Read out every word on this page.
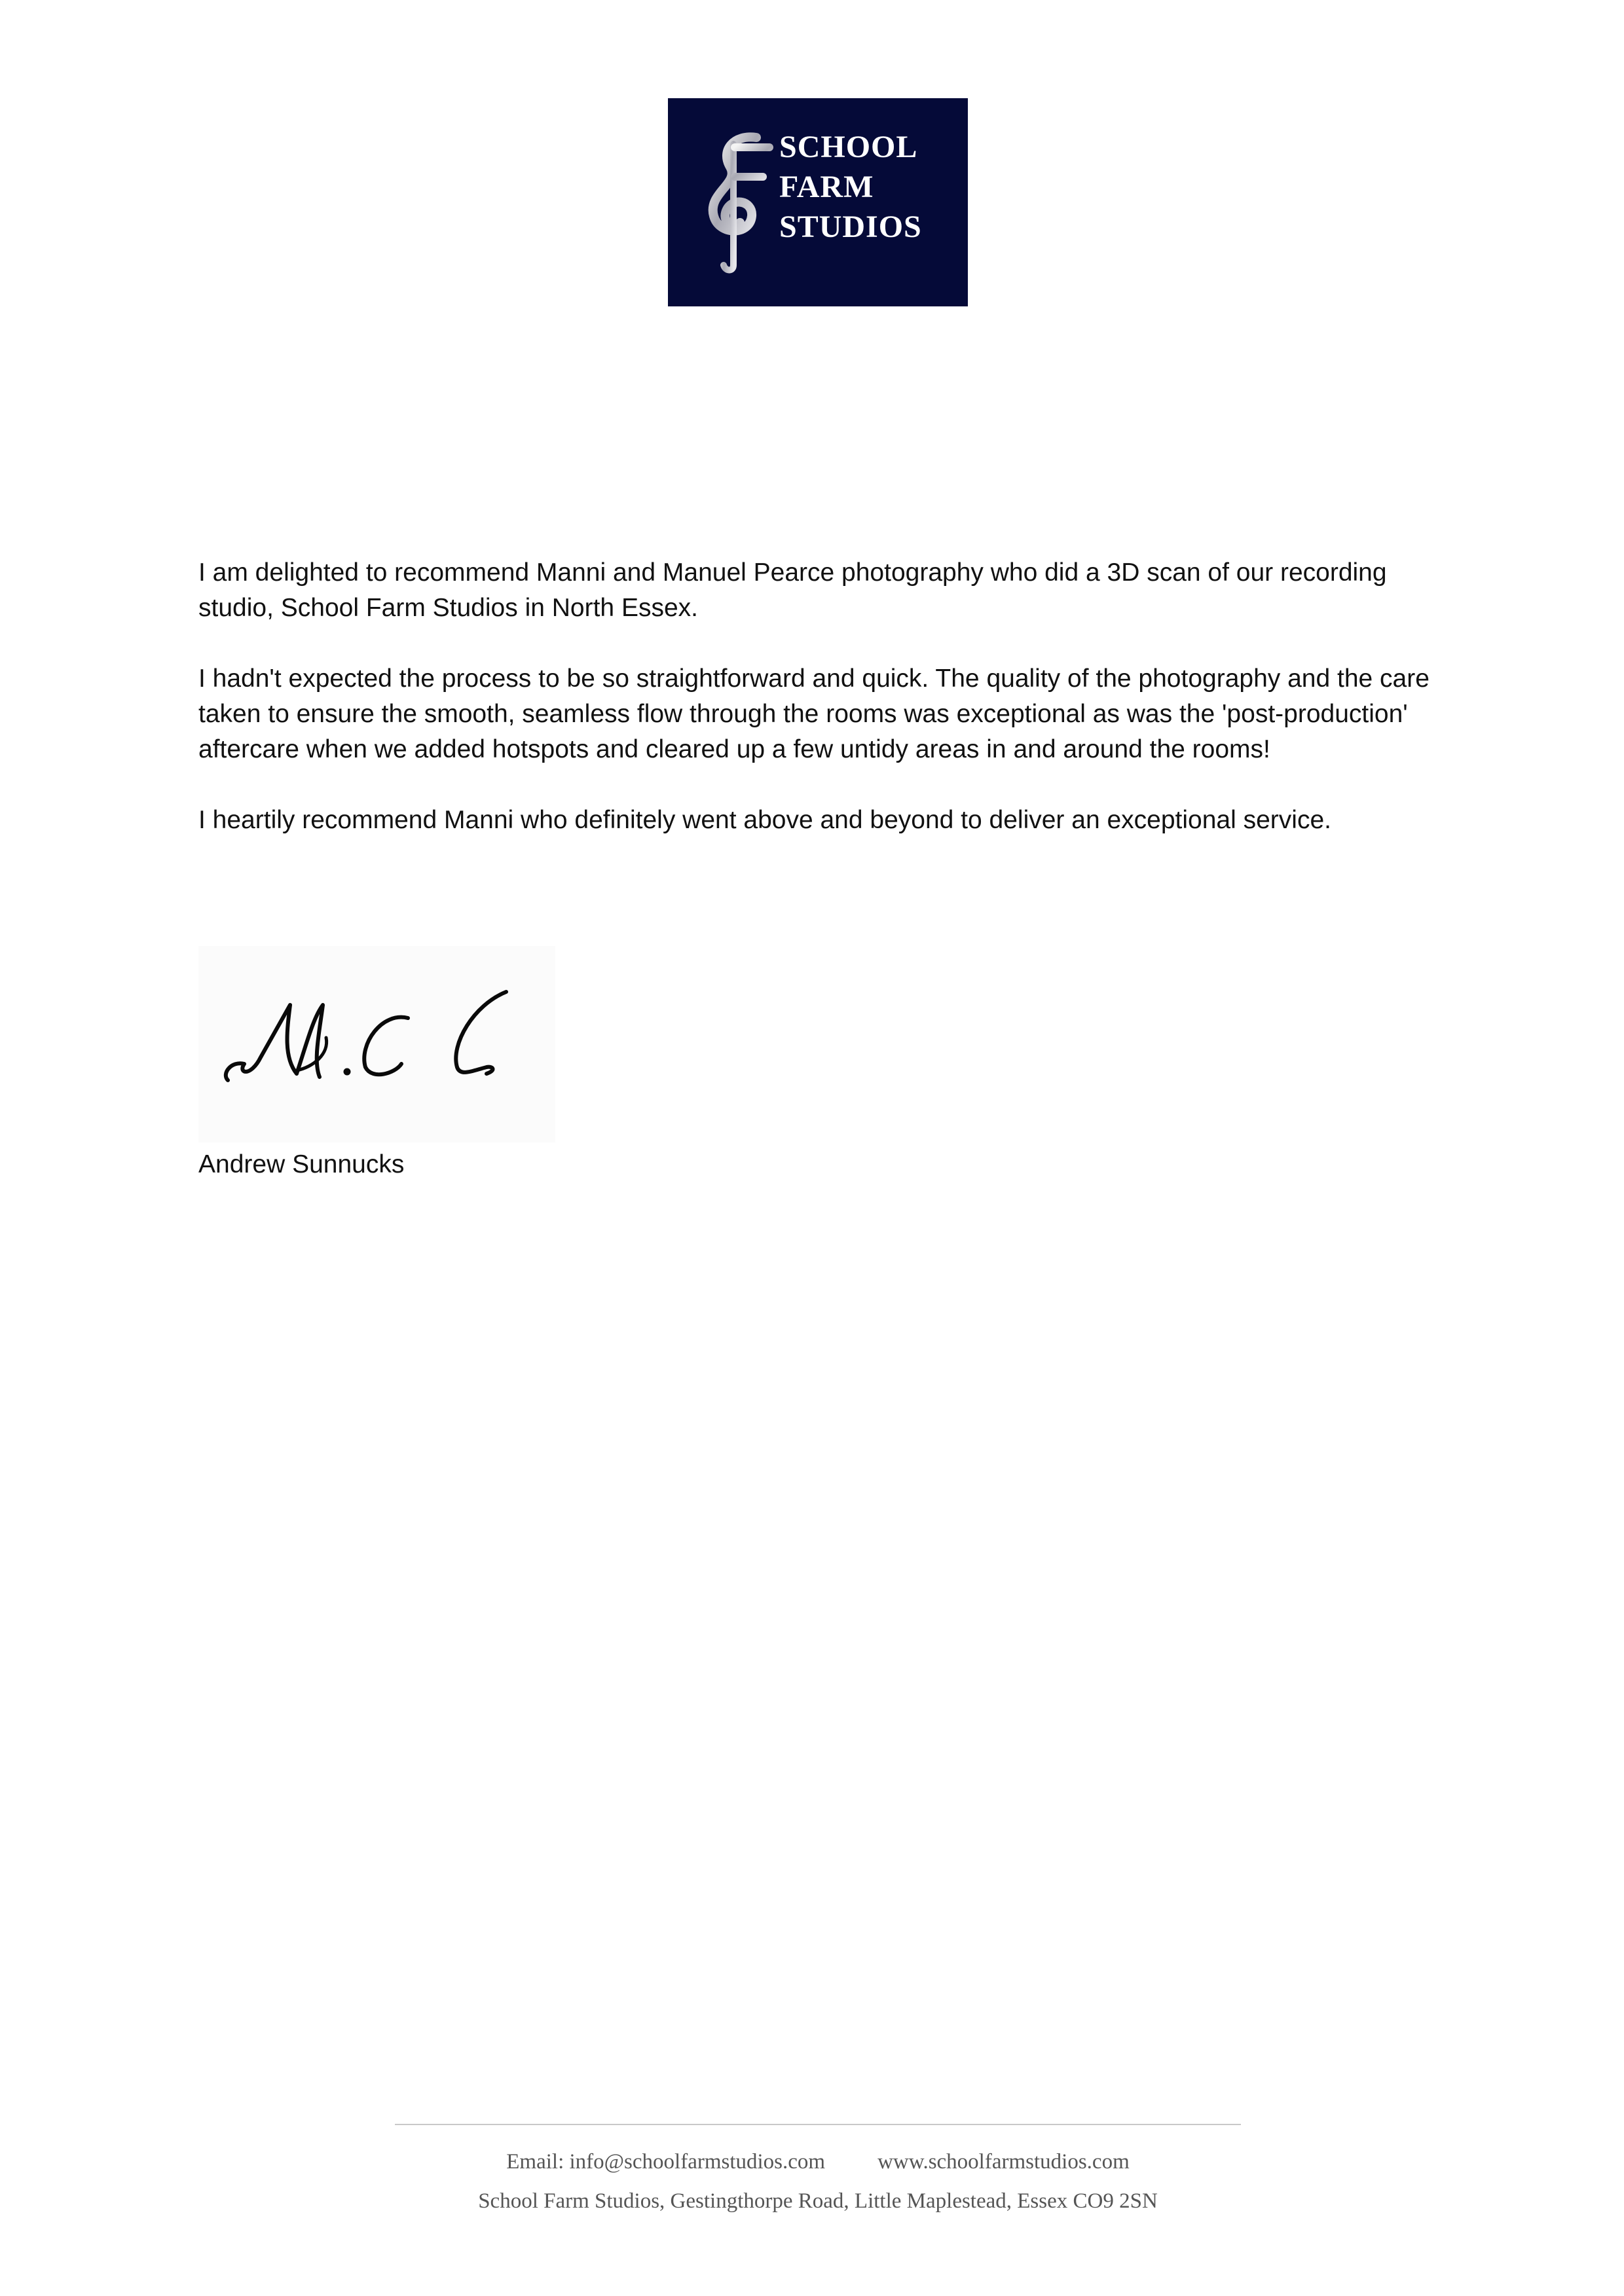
SCHOOL
FARM
STUDIOS

I am delighted to recommend Manni and Manuel Pearce photography who did a 3D scan of our recording studio, School Farm Studios in North Essex.

I hadn't expected the process to be so straightforward and quick. The quality of the photography and the care taken to ensure the smooth, seamless flow through the rooms was exceptional as was the 'post-production' aftercare when we added hotspots and cleared up a few untidy areas in and around the rooms!

I heartily recommend Manni who definitely went above and beyond to deliver an exceptional service.

Andrew Sunnucks
Email: info@schoolfarmstudios.com www.schoolfarmstudios.com
School Farm Studios, Gestingthorpe Road, Little Maplestead, Essex CO9 2SN
